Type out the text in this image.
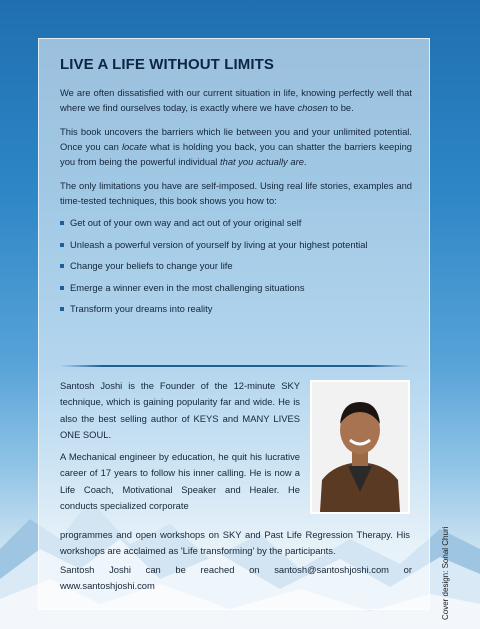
LIVE A LIFE WITHOUT LIMITS

We are often dissatisfied with our current situation in life, knowing perfectly well that where we find ourselves today, is exactly where we have chosen to be.

This book uncovers the barriers which lie between you and your unlimited potential. Once you can locate what is holding you back, you can shatter the barriers keeping you from being the powerful individual that you actually are.

The only limitations you have are self-imposed. Using real life stories, examples and time-tested techniques, this book shows you how to:

Get out of your own way and act out of your original self
Unleash a powerful version of yourself by living at your highest potential
Change your beliefs to change your life
Emerge a winner even in the most challenging situations
Transform your dreams into reality

Santosh Joshi is the Founder of the 12-minute SKY technique, which is gaining popularity far and wide. He is also the best selling author of KEYS and MANY LIVES ONE SOUL.

A Mechanical engineer by education, he quit his lucrative career of 17 years to follow his inner calling. He is now a Life Coach, Motivational Speaker and Healer. He conducts specialized corporate

programmes and open workshops on SKY and Past Life Regression Therapy. His workshops are acclaimed as 'Life transforming' by the participants.

Santosh Joshi can be reached on santosh@santoshjoshi.com or www.santoshjoshi.com	Cover design: Sonal Churi
